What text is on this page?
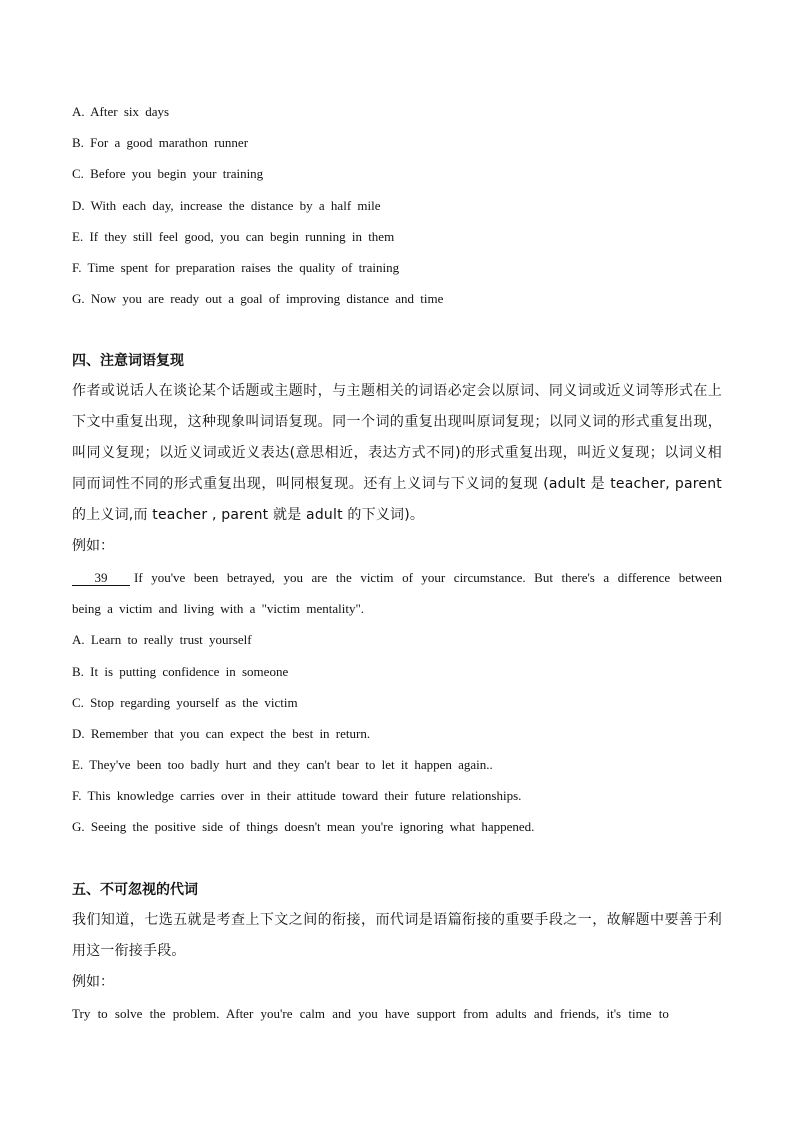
A. After six days
B. For a good marathon runner
C. Before you begin your training
D. With each day, increase the distance by a half mile
E. If they still feel good, you can begin running in them
F. Time spent for preparation raises the quality of training
G. Now you are ready out a goal of improving distance and time
四、注意词语复现
作者或说话人在谈论某个话题或主题时，与主题相关的词语必定会以原词、同义词或近义词等形式在上下文中重复出现，这种现象叫词语复现。同一个词的重复出现叫原词复现；以同义词的形式重复出现，叫同义复现；以近义词或近义表达(意思相近，表达方式不同)的形式重复出现，叫近义复现；以词义相同而词性不同的形式重复出现，叫同根复现。还有上义词与下义词的复现 (adult 是 teacher, parent 的上义词,而 teacher , parent 就是 adult 的下义词)。
例如：
39 If you've been betrayed, you are the victim of your circumstance. But there's a difference between being a victim and living with a "victim mentality".
A. Learn to really trust yourself
B. It is putting confidence in someone
C. Stop regarding yourself as the victim
D. Remember that you can expect the best in return.
E. They've been too badly hurt and they can't bear to let it happen again..
F. This knowledge carries over in their attitude toward their future relationships.
G. Seeing the positive side of things doesn't mean you're ignoring what happened.
五、不可忽视的代词
我们知道，七选五就是考查上下文之间的衔接，而代词是语篇衔接的重要手段之一，故解题中要善于利用这一衔接手段。
例如：
Try to solve the problem. After you're calm and you have support from adults and friends, it's time to
